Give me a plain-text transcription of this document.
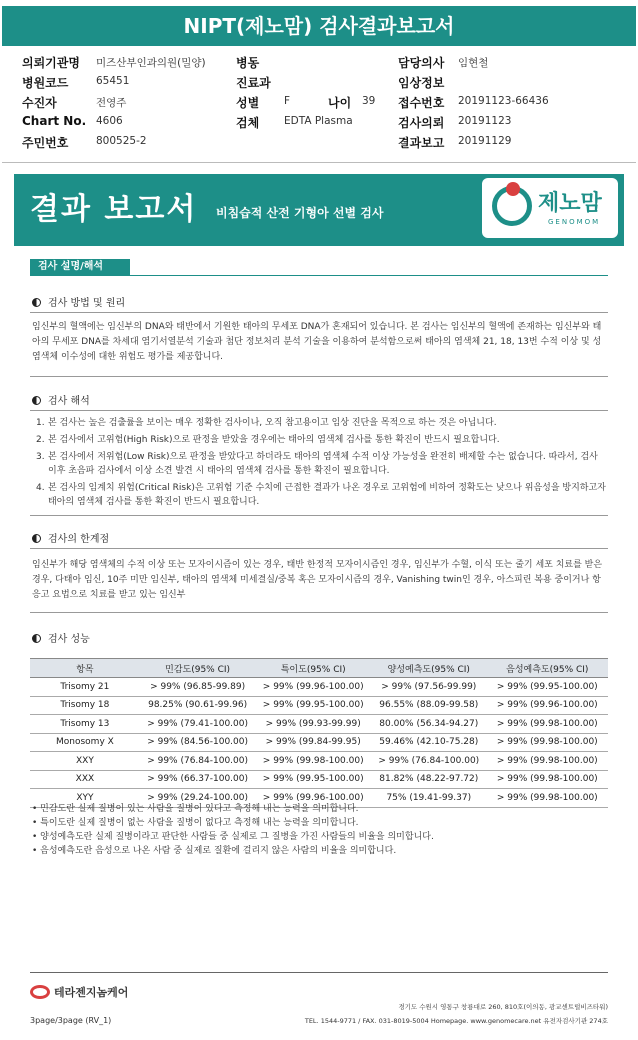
NIPT(제노맘) 검사결과보고서
의뢰기관명 미즈산부인과의원(밀양)	병동	담당의사 임현철
병원코드	65451	진료과	임상정보
수진자	전영주	성별 F	나이 39 접수번호 20191123-66436
Chart No. 4606	검체 EDTA Plasma	검사의뢰 20191123
주민번호	800525-2	결과보고 20191129
결과 보고서 비침습적 산전 기형아 선별 검사	제노맘
GENOMOM
검사 설명/해석
검사 방법 및 원리
임신부의 혈액에는 임신부의 DNA와 태반에서 기원한 태아의 무세포 DNA가 혼재되어 있습니다. 본 검사는 임신부의 혈액에 존재하는 임신부와 태아의 무세포 DNA를 차세대 염기서열분석 기술과 첨단 정보처리 분석 기술을 이용하여 분석함으로써 태아의 염색체 21, 18, 13번 수적 이상 및 성염색체 이수성에 대한 위험도 평가를 제공합니다.
검사 해석
1. 본 검사는 높은 검출률을 보이는 매우 정확한 검사이나, 오직 참고용이고 임상 진단을 목적으로 하는 것은 아닙니다.
2. 본 검사에서 고위험(High Risk)으로 판정을 받았을 경우에는 태아의 염색체 검사를 통한 확진이 반드시 필요합니다.
3. 본 검사에서 저위험(Low Risk)으로 판정을 받았다고 하더라도 태아의 염색체 수적 이상 가능성을 완전히 배제할 수는 없습니다. 따라서, 검사 이후 초음파 검사에서 이상 소견 발견 시 태아의 염색체 검사를 통한 확진이 필요합니다.
4. 본 검사의 임계치 위험(Critical Risk)은 고위험 기준 수치에 근접한 결과가 나온 경우로 고위험에 비하여 정확도는 낮으나 위음성을 방지하고자 태아의 염색체 검사를 통한 확진이 반드시 필요합니다.
검사의 한계점
임신부가 해당 염색체의 수적 이상 또는 모자이시즘이 있는 경우, 태반 한정적 모자이시즘인 경우, 임신부가 수혈, 이식 또는 줄기 세포 치료를 받은 경우, 다태아 임신, 10주 미만 임신부, 태아의 염색체 미세결실/중복 혹은 모자이시즘의 경우, Vanishing twin인 경우, 아스피린 복용 중이거나 항 응고 요법으로 치료를 받고 있는 임신부
검사 성능
항목	민감도(95% CI)	특이도(95% CI)	양성예측도(95% CI)	음성예측도(95% CI)
Trisomy 21	> 99% (96.85-99.89)	> 99% (99.96-100.00)	> 99% (97.56-99.99)	> 99% (99.95-100.00)
Trisomy 18	98.25% (90.61-99.96)	> 99% (99.95-100.00)	96.55% (88.09-99.58)	> 99% (99.96-100.00)
Trisomy 13	> 99% (79.41-100.00)	> 99% (99.93-99.99)	80.00% (56.34-94.27)	> 99% (99.98-100.00)
Monosomy X	> 99% (84.56-100.00)	> 99% (99.84-99.95)	59.46% (42.10-75.28)	> 99% (99.98-100.00)
XXY	> 99% (76.84-100.00)	> 99% (99.98-100.00)	> 99% (76.84-100.00)	> 99% (99.98-100.00)
XXX	> 99% (66.37-100.00)	> 99% (99.95-100.00)	81.82% (48.22-97.72)	> 99% (99.98-100.00)
XYY	> 99% (29.24-100.00)	> 99% (99.96-100.00)	75% (19.41-99.37)	> 99% (99.98-100.00)
• 민감도란 실제 질병이 있는 사람을 질병이 있다고 측정해 내는 능력을 의미합니다.
• 특이도란 실제 질병이 없는 사람을 질병이 없다고 측정해 내는 능력을 의미합니다.
• 양성예측도란 실제 질병이라고 판단한 사람들 중 실제로 그 질병을 가진 사람들의 비율을 의미합니다.
• 음성예측도란 음성으로 나온 사람 중 실제로 질환에 걸리지 않은 사람의 비율을 의미합니다.
테라젠지놈케어
경기도 수원시 영통구 창룡대로 260, 810호(이의동, 광교센트럴비즈타워)
TEL. 1544-9771 / FAX. 031-8019-5004 Homepage. www.genomecare.net 유전자검사기관 274호
3page/3page (RV_1)
